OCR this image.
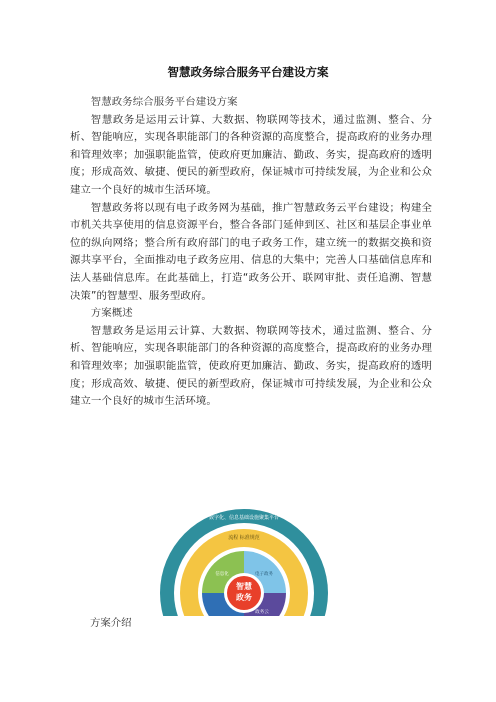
智慧政务综合服务平台建设方案

智慧政务综合服务平台建设方案

智慧政务是运用云计算、大数据、物联网等技术，通过监测、整合、分析、智能响应，实现各职能部门的各种资源的高度整合，提高政府的业务办理和管理效率；加强职能监管，使政府更加廉洁、勤政、务实，提高政府的透明度；形成高效、敏捷、便民的新型政府，保证城市可持续发展，为企业和公众建立一个良好的城市生活环境。

智慧政务将以现有电子政务网为基础，推广智慧政务云平台建设；构建全市机关共享使用的信息资源平台，整合各部门延伸到区、社区和基层企事业单位的纵向网络；整合所有政府部门的电子政务工作，建立统一的数据交换和资源共享平台，全面推动电子政务应用、信息的大集中；完善人口基础信息库和法人基础信息库。在此基础上，打造“政务公开、联网审批、责任追溯、智慧决策”的智慧型、服务型政府。

方案概述

智慧政务是运用云计算、大数据、物联网等技术，通过监测、整合、分析、智能响应，实现各职能部门的各种资源的高度整合，提高政府的业务办理和管理效率；加强职能监管，使政府更加廉洁、勤政、务实，提高政府的透明度；形成高效、敏捷、便民的新型政府，保证城市可持续发展，为企业和公众建立一个良好的城市生活环境。

智慧
政务
数字化、信息基础设施聚集平台
流程 标准规范
电子政务
信息化
政务云
方案介绍
